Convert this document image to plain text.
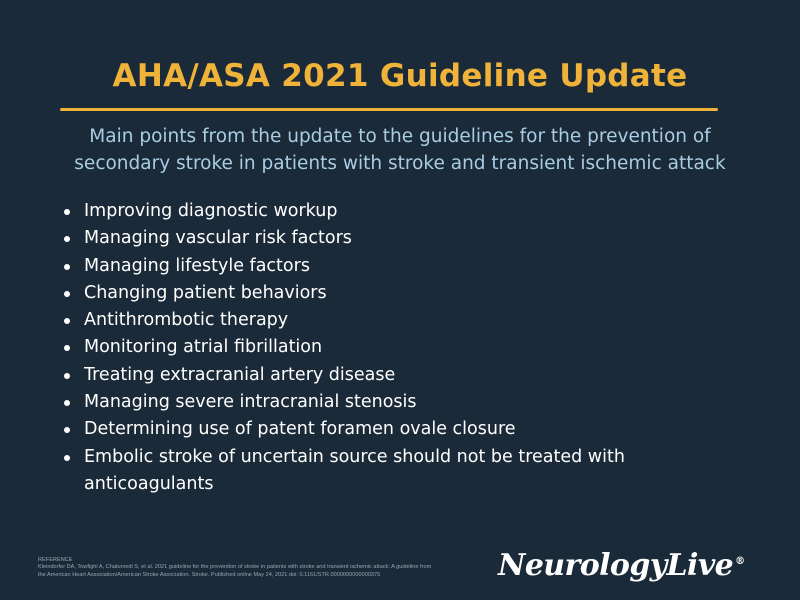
AHA/ASA 2021 Guideline Update
Main points from the update to the guidelines for the prevention of
secondary stroke in patients with stroke and transient ischemic attack
Improving diagnostic workup
Managing vascular risk factors
Managing lifestyle factors
Changing patient behaviors
Antithrombotic therapy
Monitoring atrial fibrillation
Treating extracranial artery disease
Managing severe intracranial stenosis
Determining use of patent foramen ovale closure
Embolic stroke of uncertain source should not be treated with anticoagulants
REFERENCE
Kleindorfer DA, Towfighi A, Chaturvedi S, et al. 2021 guideline for the prevention of stroke in patients with stroke and transient ischemic attack: A guideline from the American Heart Association/American Stroke Association. Stroke. Published online May 24, 2021 doi: 0.1161/STR.0000000000000375	NeurologyLive ®
